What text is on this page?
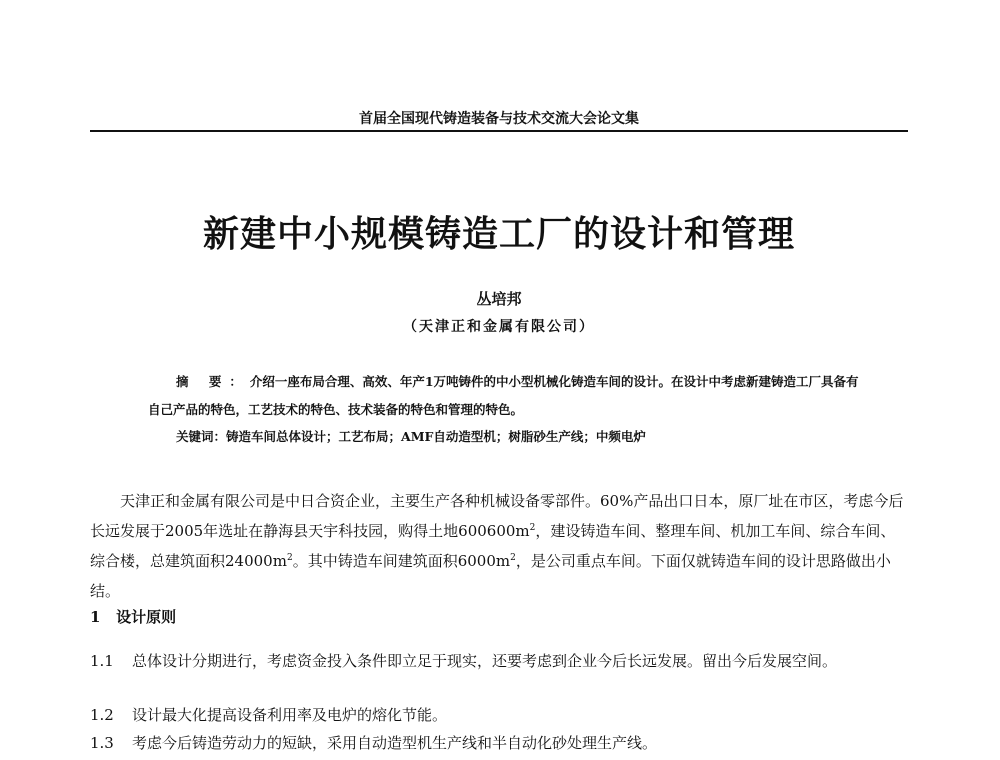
首届全国现代铸造装备与技术交流大会论文集
新建中小规模铸造工厂的设计和管理
丛培邦
（天津正和金属有限公司）
摘 要：介绍一座布局合理、高效、年产1万吨铸件的中小型机械化铸造车间的设计。在设计中考虑新建铸造工厂具备有自己产品的特色，工艺技术的特色、技术装备的特色和管理的特色。
关键词：铸造车间总体设计；工艺布局；AMF自动造型机；树脂砂生产线；中频电炉
天津正和金属有限公司是中日合资企业，主要生产各种机械设备零部件。60%产品出口日本，原厂址在市区，考虑今后长远发展于2005年选址在静海县天宇科技园，购得土地$600600m^2$，建设铸造车间、整理车间、机加工车间、综合车间、综合楼，总建筑面积$24000m^2$。其中铸造车间建筑面积$6000m^2$，是公司重点车间。下面仅就铸造车间的设计思路做出小结。
1 设计原则
1.1 总体设计分期进行，考虑资金投入条件即立足于现实，还要考虑到企业今后长远发展。留出今后发展空间。
1.2 设计最大化提高设备利用率及电炉的熔化节能。
1.3 考虑今后铸造劳动力的短缺，采用自动造型机生产线和半自动化砂处理生产线。
